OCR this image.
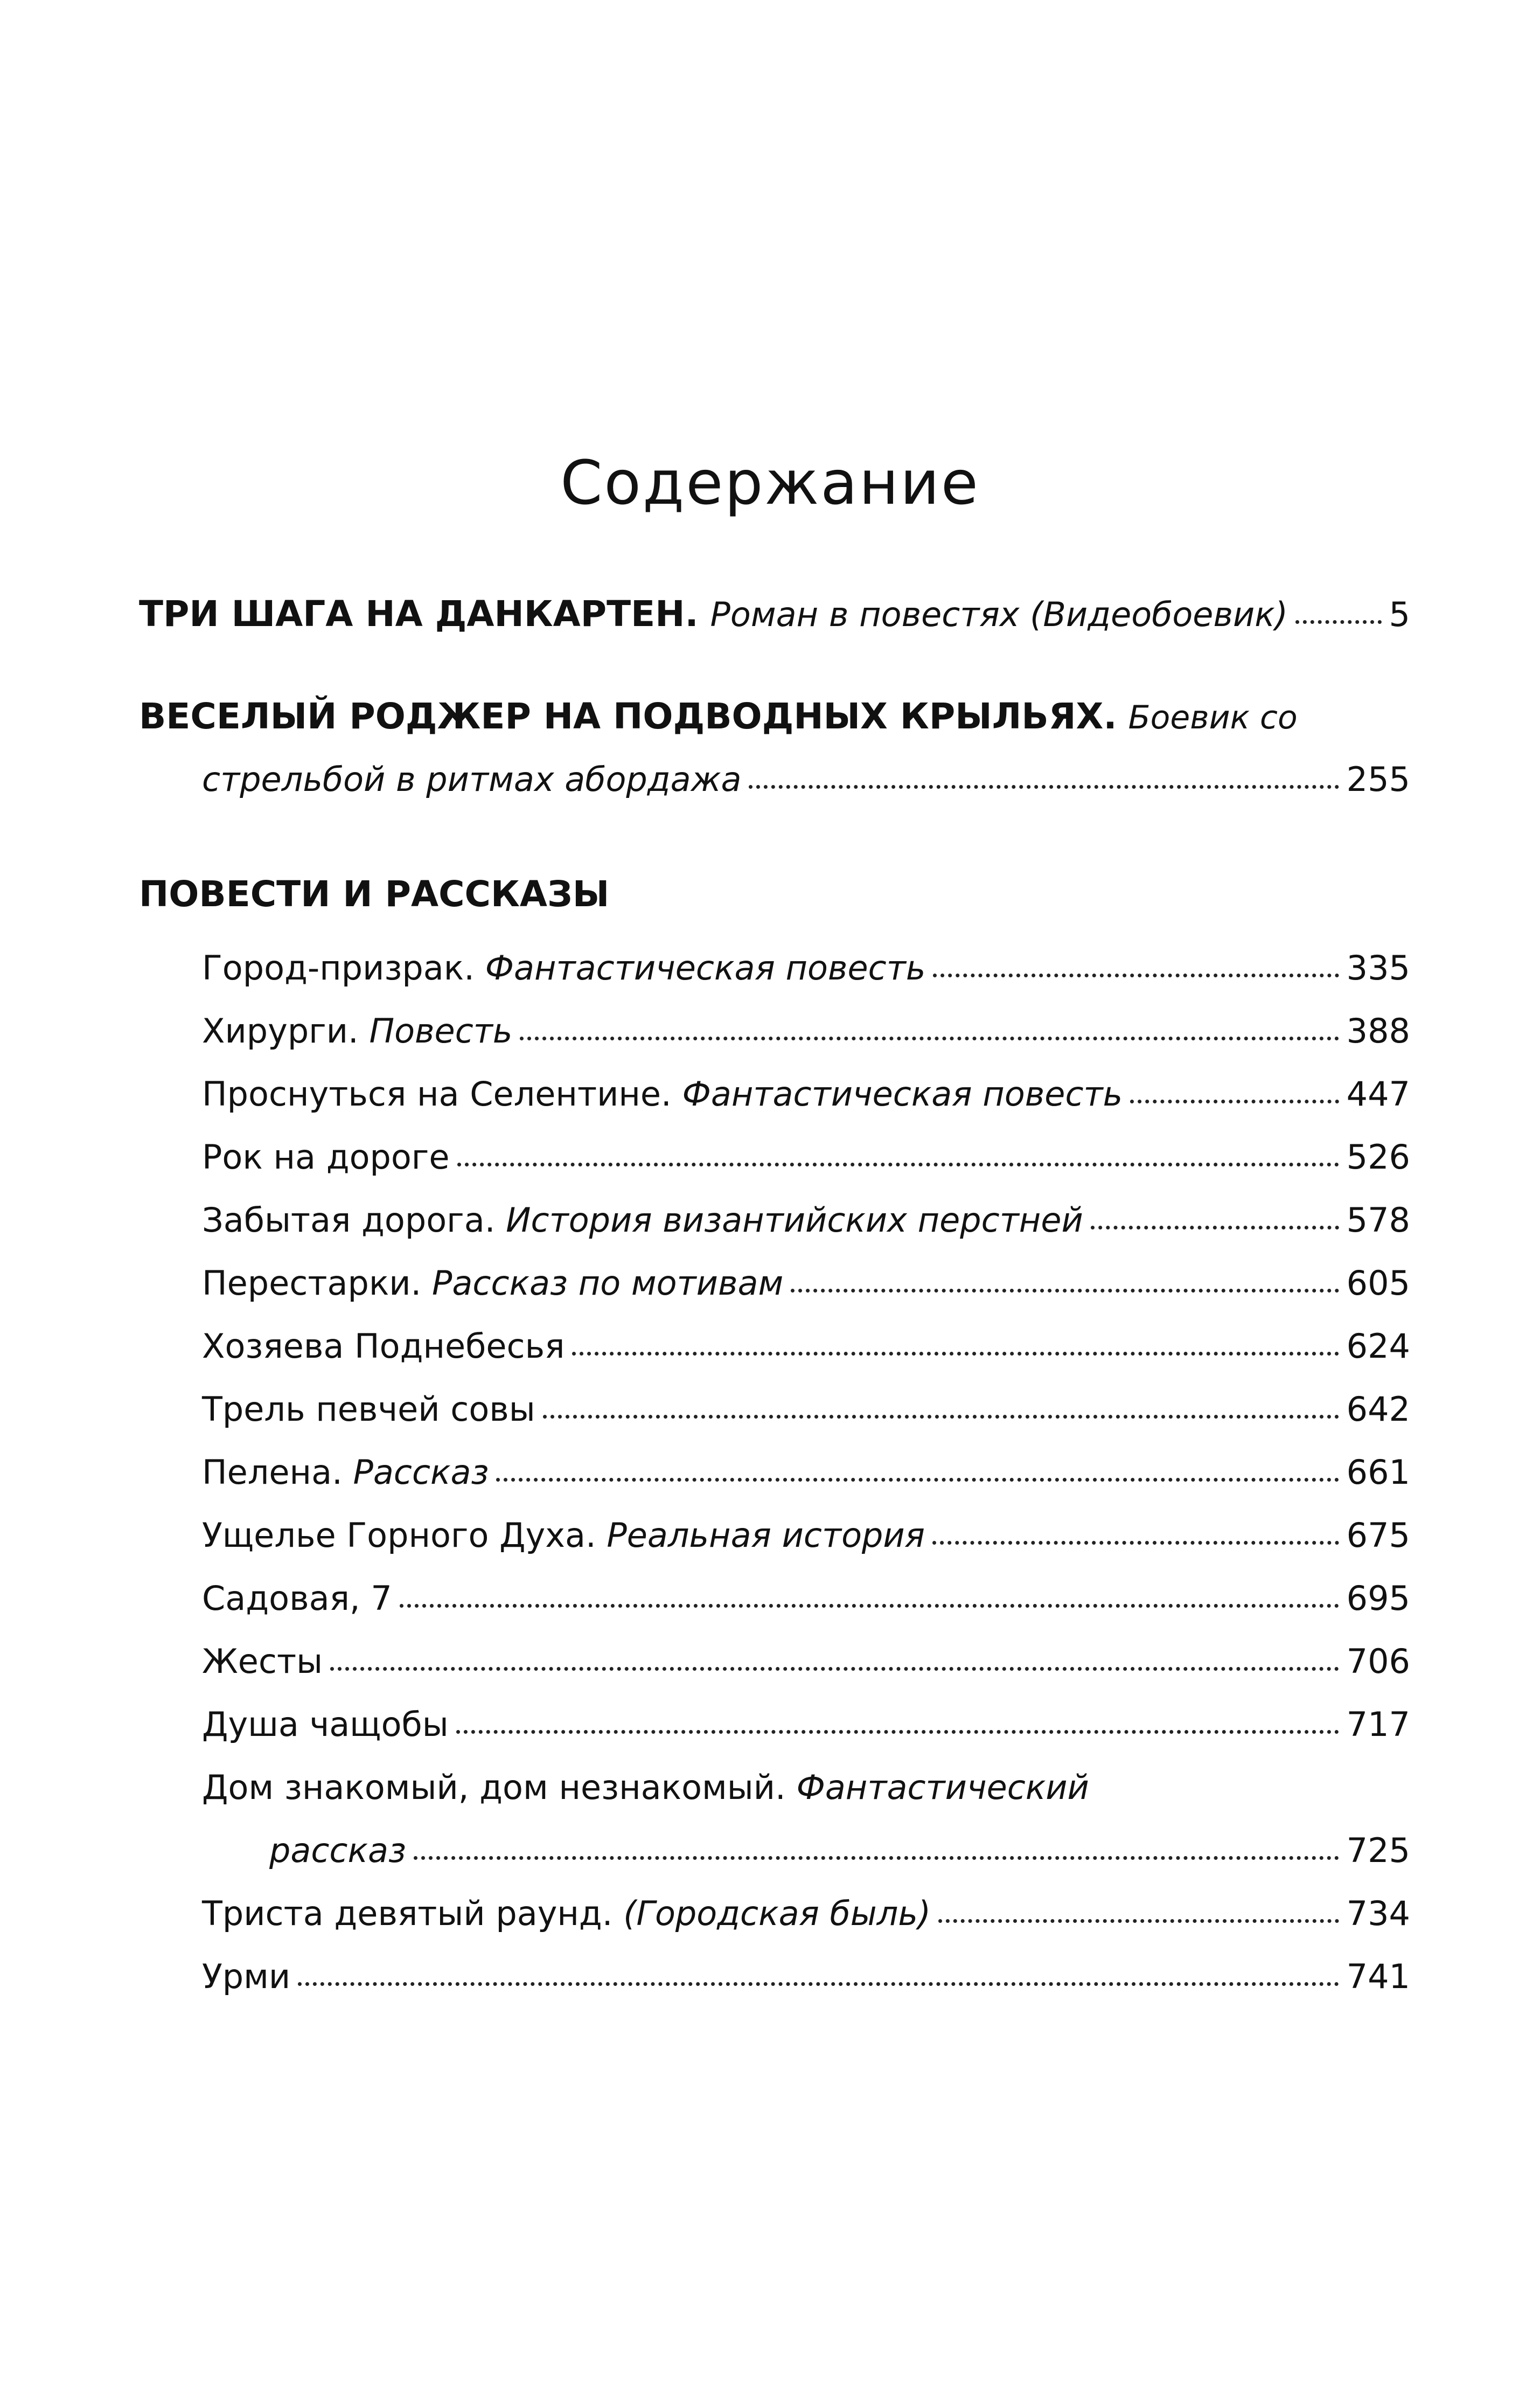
Содержание
ТРИ ШАГА НА ДАНКАРТЕН. Роман в повестях (Видеобоевик)	5
ВЕСЕЛЫЙ РОДЖЕР НА ПОДВОДНЫХ КРЫЛЬЯХ. Боевик со
стрельбой в ритмах абордажа	255
ПОВЕСТИ И РАССКАЗЫ
Город-призрак. Фантастическая повесть	335
Хирурги. Повесть	388
Проснуться на Селентине. Фантастическая повесть	447
Рок на дороге	526
Забытая дорога. История византийских перстней	578
Перестарки. Рассказ по мотивам	605
Хозяева Поднебесья	624
Трель певчей совы	642
Пелена. Рассказ	661
Ущелье Горного Духа. Реальная история	675
Садовая, 7	695
Жесты	706
Душа чащобы	717
Дом знакомый, дом незнакомый. Фантастический
рассказ	725
Триста девятый раунд. (Городская быль)	734
Урми	741
